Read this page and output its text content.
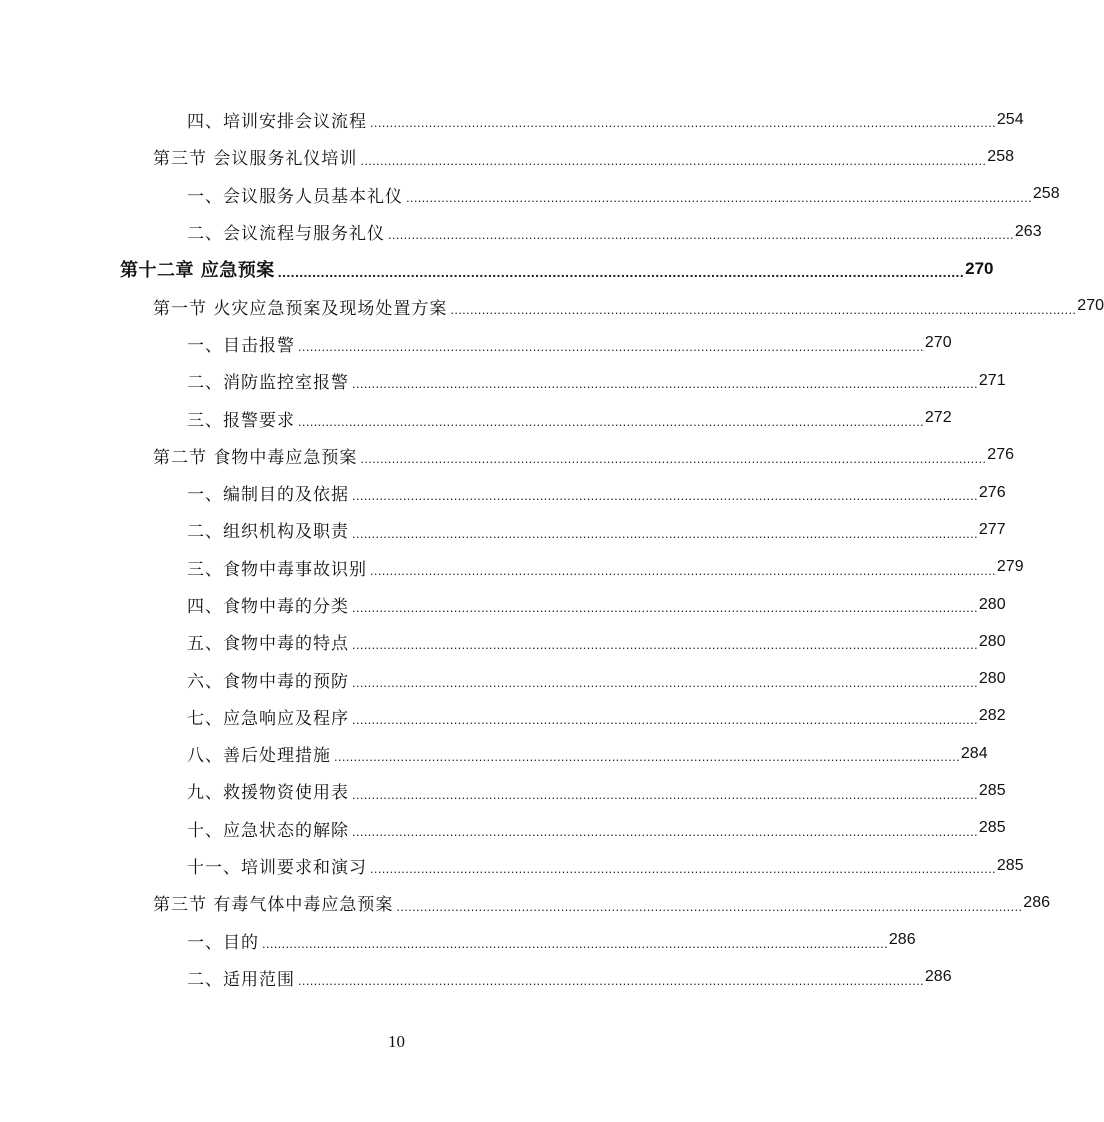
四、培训安排会议流程 ................................................................................................................................................................ 254
第三节 会议服务礼仪培训 ................................................................................................................................................................ 258
一、会议服务人员基本礼仪 ................................................................................................................................................................ 258
二、会议流程与服务礼仪 ................................................................................................................................................................ 263
第十二章 应急预案 ................................................................................................................................................................ 270
第一节 火灾应急预案及现场处置方案 ................................................................................................................................................................ 270
一、目击报警 ................................................................................................................................................................ 270
二、消防监控室报警 ................................................................................................................................................................ 271
三、报警要求 ................................................................................................................................................................ 272
第二节 食物中毒应急预案 ................................................................................................................................................................ 276
一、编制目的及依据 ................................................................................................................................................................ 276
二、组织机构及职责 ................................................................................................................................................................ 277
三、食物中毒事故识别 ................................................................................................................................................................ 279
四、食物中毒的分类 ................................................................................................................................................................ 280
五、食物中毒的特点 ................................................................................................................................................................ 280
六、食物中毒的预防 ................................................................................................................................................................ 280
七、应急响应及程序 ................................................................................................................................................................ 282
八、善后处理措施 ................................................................................................................................................................ 284
九、救援物资使用表 ................................................................................................................................................................ 285
十、应急状态的解除 ................................................................................................................................................................ 285
十一、培训要求和演习 ................................................................................................................................................................ 285
第三节 有毒气体中毒应急预案 ................................................................................................................................................................ 286
一、目的 ................................................................................................................................................................ 286
二、适用范围 ................................................................................................................................................................ 286
10
